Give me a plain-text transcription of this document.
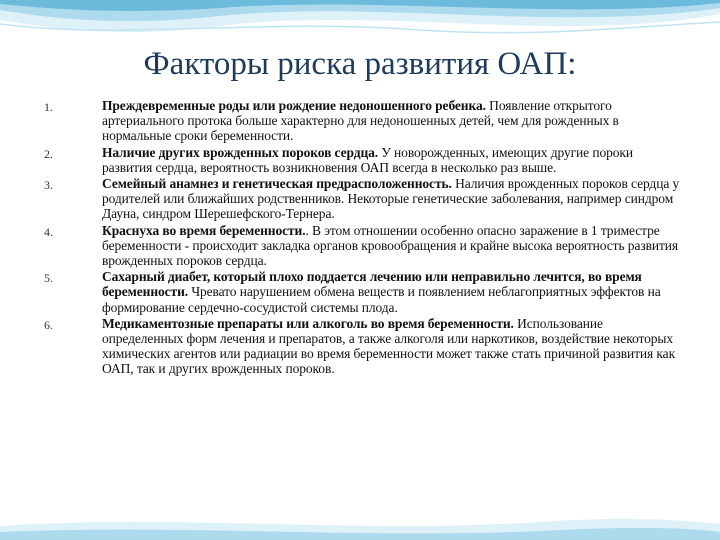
Факторы риска развития ОАП:
1.	Преждевременные роды или рождение недоношенного ребенка. Появление открытого артериального протока больше характерно для недоношенных детей, чем для рожденных в нормальные сроки беременности.
2.	Наличие других врожденных пороков сердца. У новорожденных, имеющих другие пороки развития сердца, вероятность возникновения ОАП всегда в несколько раз выше.
3.	Семейный анамнез и генетическая предрасположенность. Наличия врожденных пороков сердца у родителей или ближайших родственников. Некоторые генетические заболевания, например синдром Дауна, синдром Шерешефского-Тернера.
4.	Краснуха во время беременности.. В этом отношении особенно опасно заражение в 1 триместре беременности - происходит закладка органов кровообращения и крайне высока вероятность развития врожденных пороков сердца.
5.	Сахарный диабет, который плохо поддается лечению или неправильно лечится, во время беременности. Чревато нарушением обмена веществ и появлением неблагоприятных эффектов на формирование сердечно-сосудистой системы плода.
6.	Медикаментозные препараты или алкоголь во время беременности. Использование определенных форм лечения и препаратов, а также алкоголя или наркотиков, воздействие некоторых химических агентов или радиации во время беременности может также стать причиной развития как ОАП, так и других врожденных пороков.
